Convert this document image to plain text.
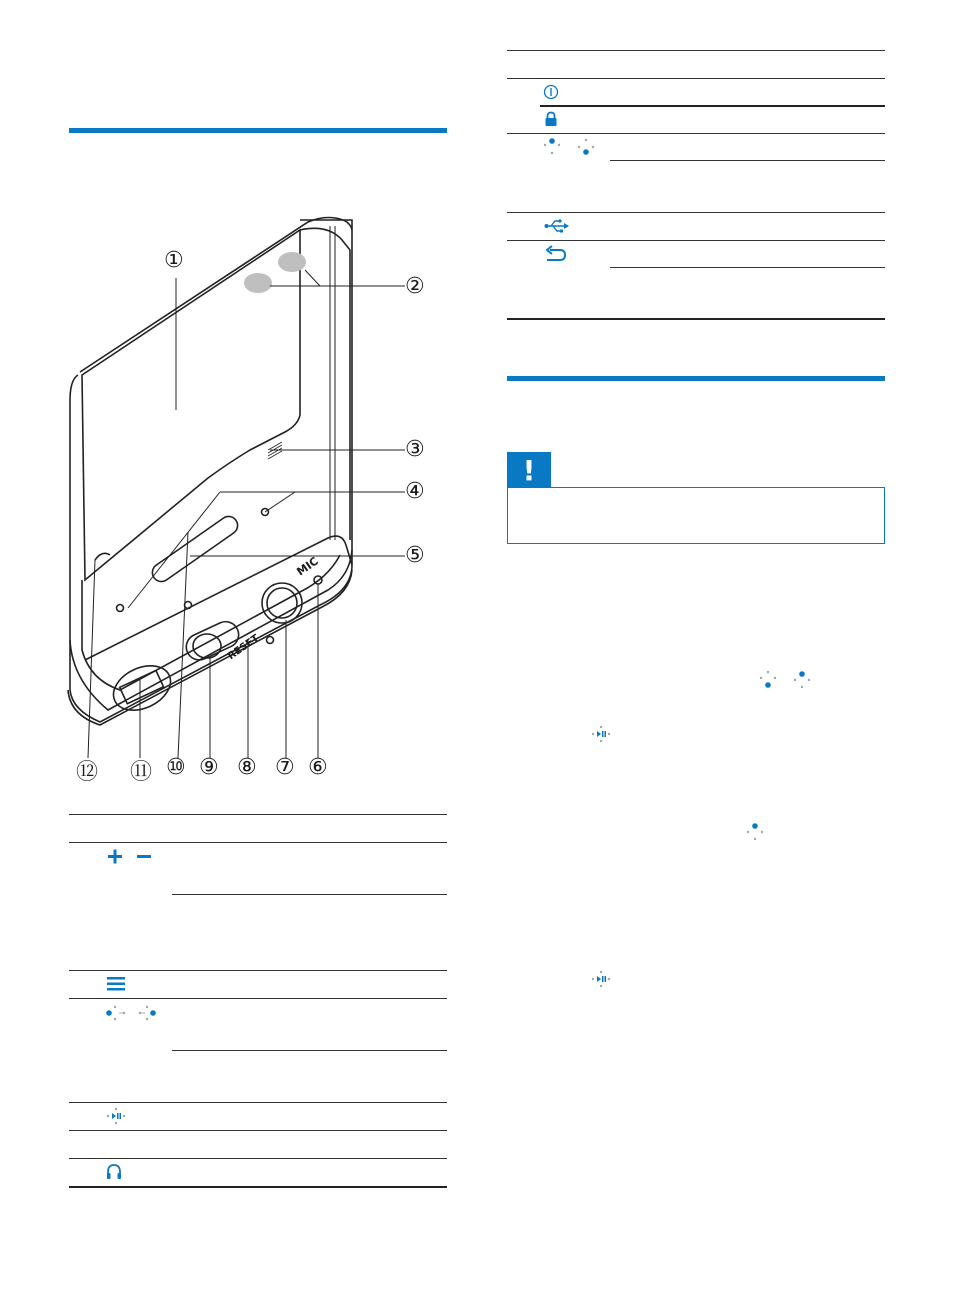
①
②
③
④
⑤
⑥
⑦
⑧
⑨
⑩
⑪
⑫
MIC
RESET
!
